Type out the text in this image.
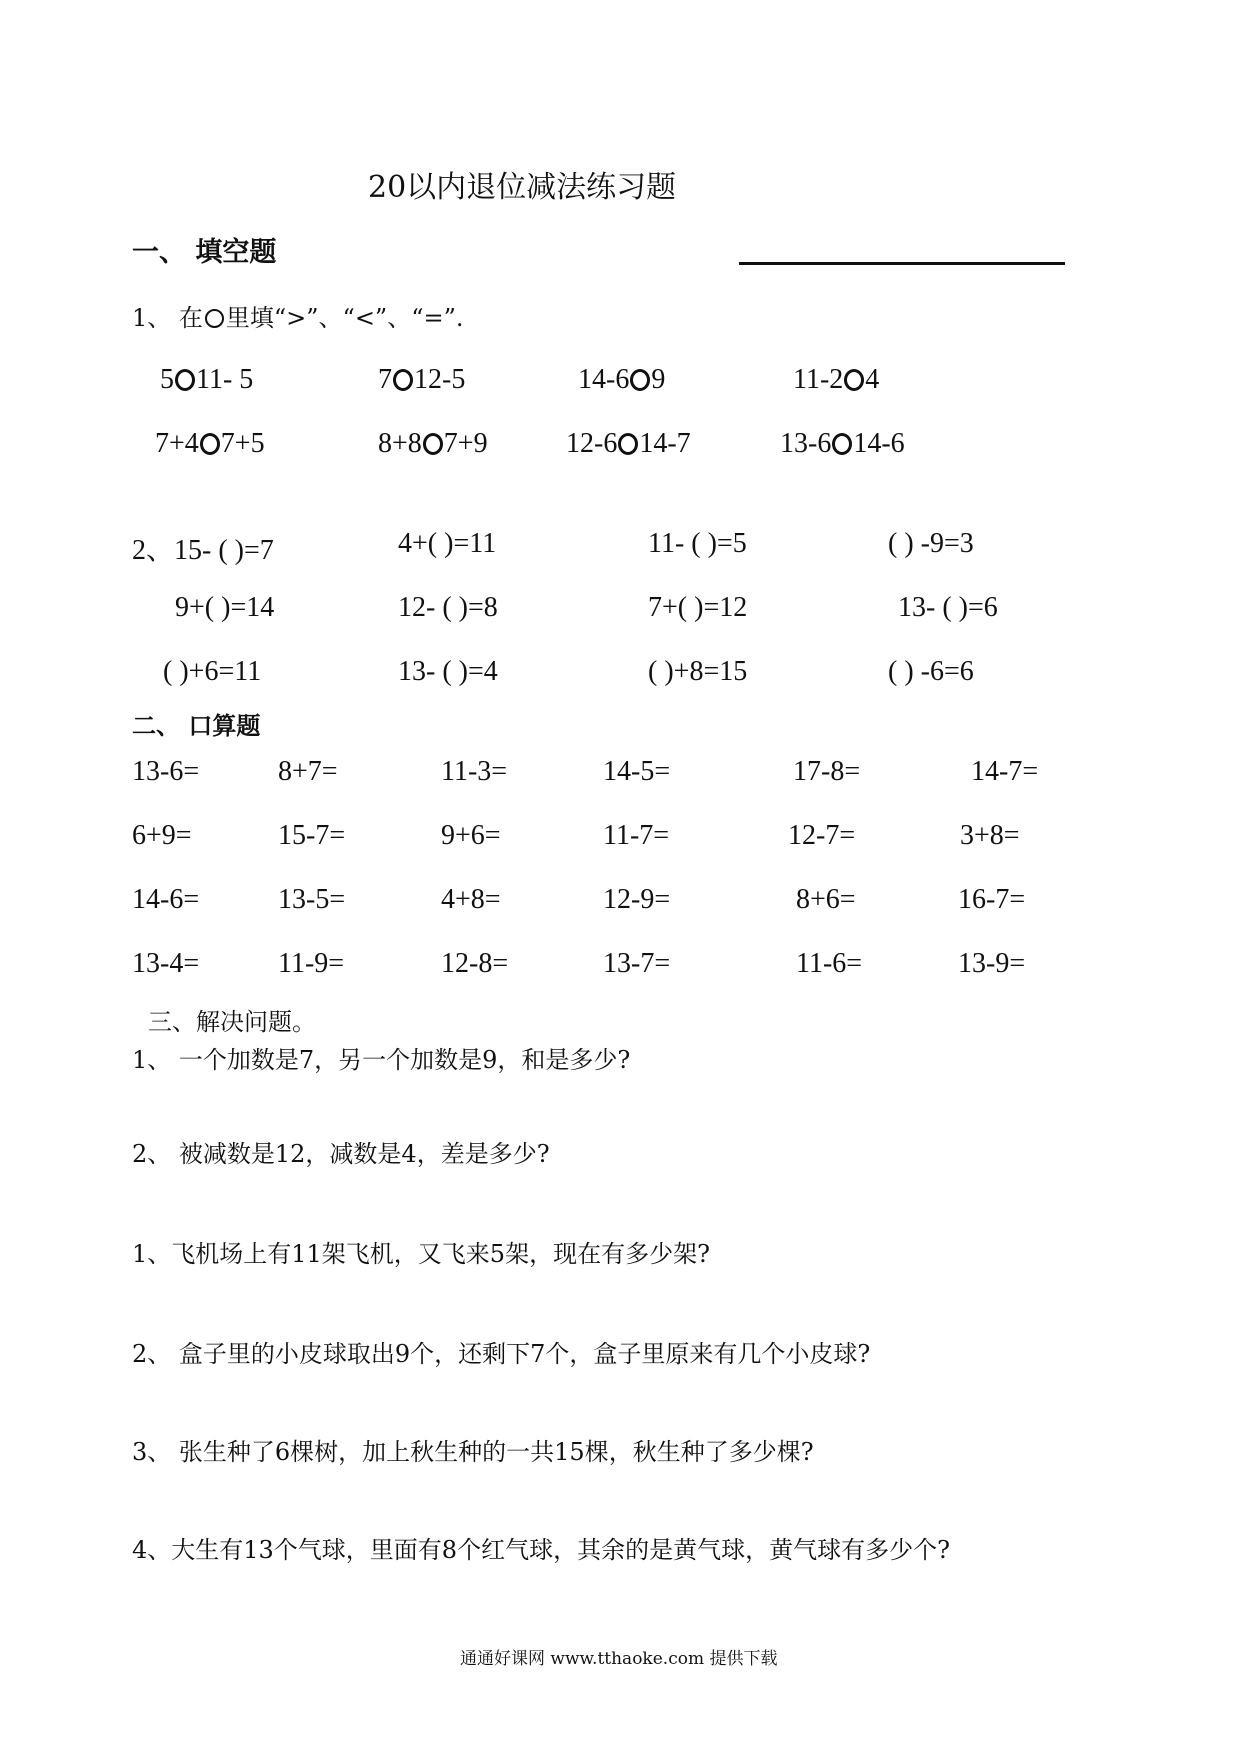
20以内退位减法练习题
一、 填空题
1、 在 里填“>”、“<”、“=”.
5 11- 5	7 12-5	14-6 9	11-2 4
7+4 7+5	8+8 7+9	12-6 14-7	13-6 14-6
2、15- ( )=7	4+( )=11	11- ( )=5	( ) -9=3
9+( )=14	12- ( )=8	7+( )=12	13- ( )=6
( )+6=11	13- ( )=4	( )+8=15	( ) -6=6
二、 口算题
13-6=	8+7=	11-3=	14-5=	17-8=	14-7=
6+9=	15-7=	9+6=	11-7=	12-7=	3+8=
14-6=	13-5=	4+8=	12-9=	8+6=	16-7=
13-4=	11-9=	12-8=	13-7=	11-6=	13-9=
三、解决问题。
1、 一个加数是7，另一个加数是9，和是多少?
2、 被减数是12，减数是4，差是多少?
1、飞机场上有11架飞机，又飞来5架，现在有多少架?
2、 盒子里的小皮球取出9个，还剩下7个，盒子里原来有几个小皮球?
3、 张生种了6棵树，加上秋生种的一共15棵，秋生种了多少棵?
4、大生有13个气球，里面有8个红气球，其余的是黄气球，黄气球有多少个?
通通好课网 www.tthaoke.com 提供下载
